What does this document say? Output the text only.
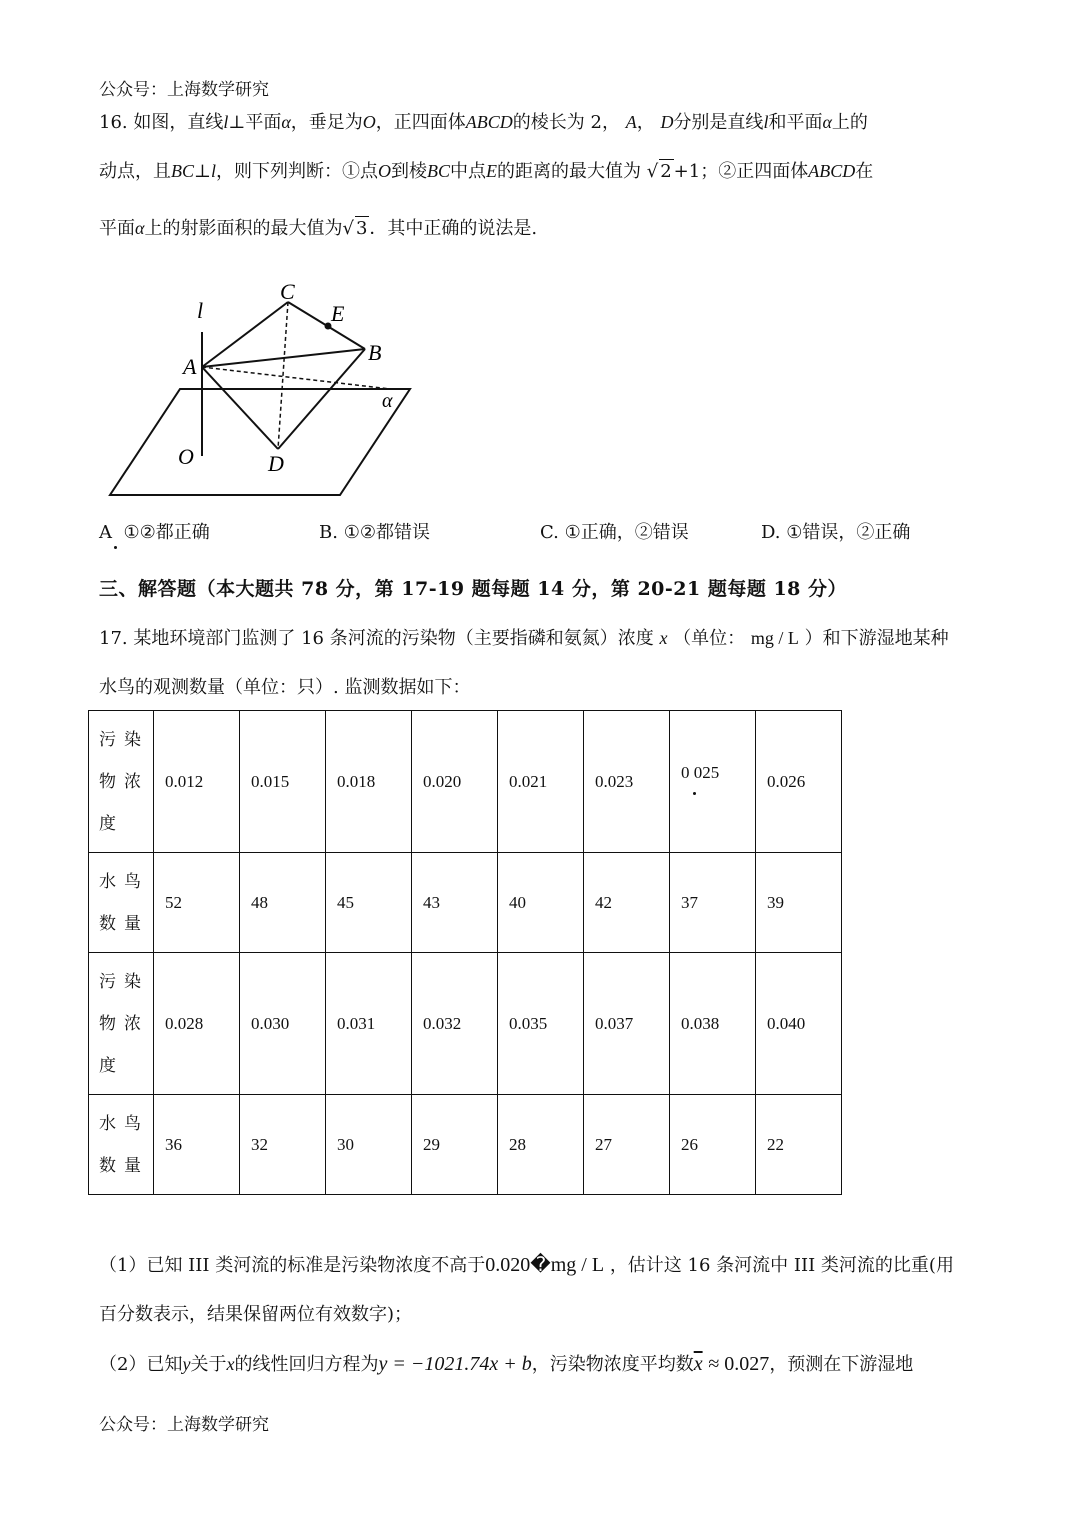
公众号：上海数学研究
16. 如图，直线l⊥平面α，垂足为O，正四面体ABCD的棱长为 2， A， D分别是直线l和平面α上的
动点，且BC⊥l，则下列判断：①点O到棱BC中点E的距离的最大值为 √ 2 +1；②正四面体ABCD在
平面α上的射影面积的最大值为√ 3 ．其中正确的说法是.
C
E
B
A
l
α
O	D
A ①②都正确	B. ①②都错误	C. ①正确，②错误	D. ①错误，②正确
三、解答题（本大题共 78 分，第 17-19 题每题 14 分，第 20-21 题每题 18 分）
17. 某地环境部门监测了 16 条河流的污染物（主要指磷和氨氮）浓度 x （单位： mg / L ）和下游湿地某种
水鸟的观测数量（单位：只）. 监测数据如下：
污染物浓度	0.012	0.015	0.018	0.020	0.021	0.023	0 025	0.026
水鸟数量	52	48	45	43	40	42	37	39
污染物浓度	0.028	0.030	0.031	0.032	0.035	0.037	0.038	0.040
水鸟数量	36	32	30	29	28	27	26	22
（1）已知 III 类河流的标准是污染物浓度不高于0.020�mg / L ，估计这 16 条河流中 III 类河流的比重(用
百分数表示，结果保留两位有效数字)；
（2）已知y关于x的线性回归方程为y = −1021.74x + b，污染物浓度平均数$\overline{x} \approx 0.027$，预测在下游湿地
公众号：上海数学研究
